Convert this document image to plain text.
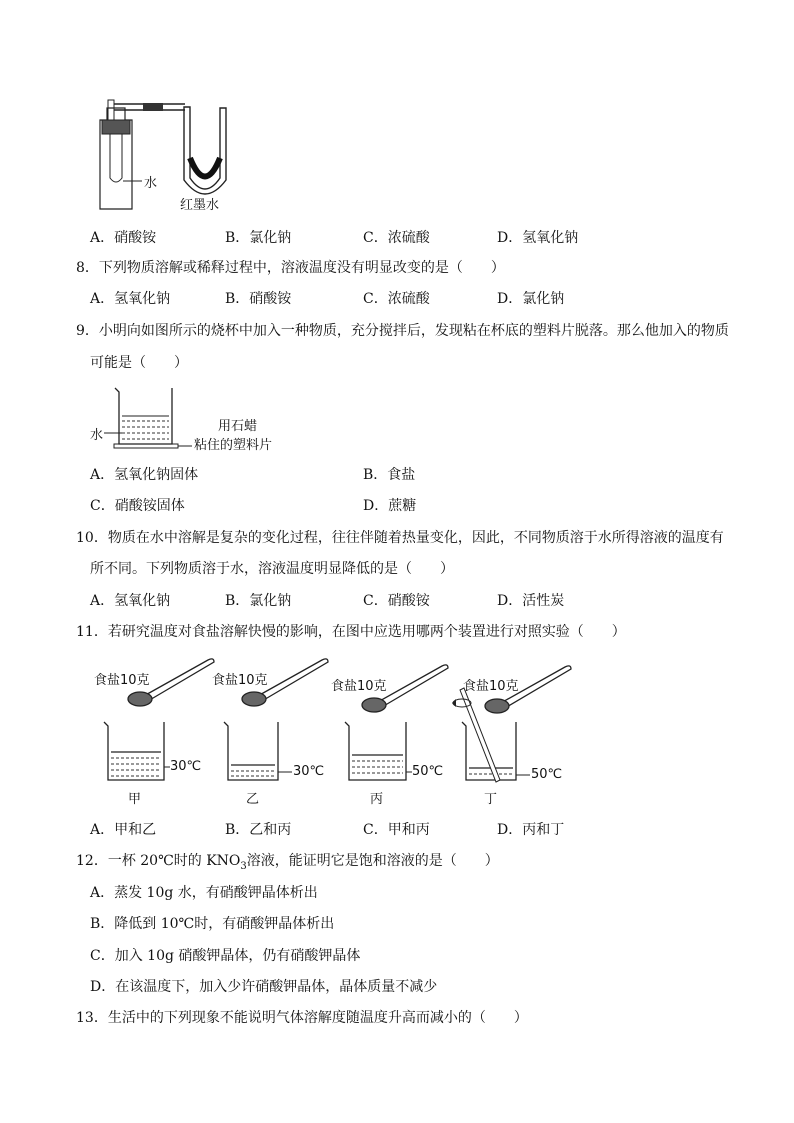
水
红墨水
A．硝酸铵	B．氯化钠	C．浓硫酸	D．氢氧化钠
8．下列物质溶解或稀释过程中，溶液温度没有明显改变的是（　　）
A．氢氧化钠	B．硝酸铵	C．浓硫酸	D．氯化钠
9．小明向如图所示的烧杯中加入一种物质，充分搅拌后，发现粘在杯底的塑料片脱落。那么他加入的物质
可能是（　　）
水
用石蜡
粘住的塑料片
A．氢氧化钠固体	B．食盐
C．硝酸铵固体	D．蔗糖
10．物质在水中溶解是复杂的变化过程，往往伴随着热量变化，因此，不同物质溶于水所得溶液的温度有
所不同。下列物质溶于水，溶液温度明显降低的是（　　）
A．氢氧化钠	B．氯化钠	C．硝酸铵	D．活性炭
11．若研究温度对食盐溶解快慢的影响，在图中应选用哪两个装置进行对照实验（　　）
食盐10克	食盐10克	食盐10克	食盐10克
30℃	30℃	50℃	50℃
甲	乙	丙	丁
A．甲和乙	B．乙和丙	C．甲和丙	D．丙和丁
12．一杯 20℃时的 $KNO_3$溶液，能证明它是饱和溶液的是（　　）
A．蒸发 10g 水，有硝酸钾晶体析出
B．降低到 10℃时，有硝酸钾晶体析出
C．加入 10g 硝酸钾晶体，仍有硝酸钾晶体
D．在该温度下，加入少许硝酸钾晶体，晶体质量不减少
13．生活中的下列现象不能说明气体溶解度随温度升高而减小的（　　）
